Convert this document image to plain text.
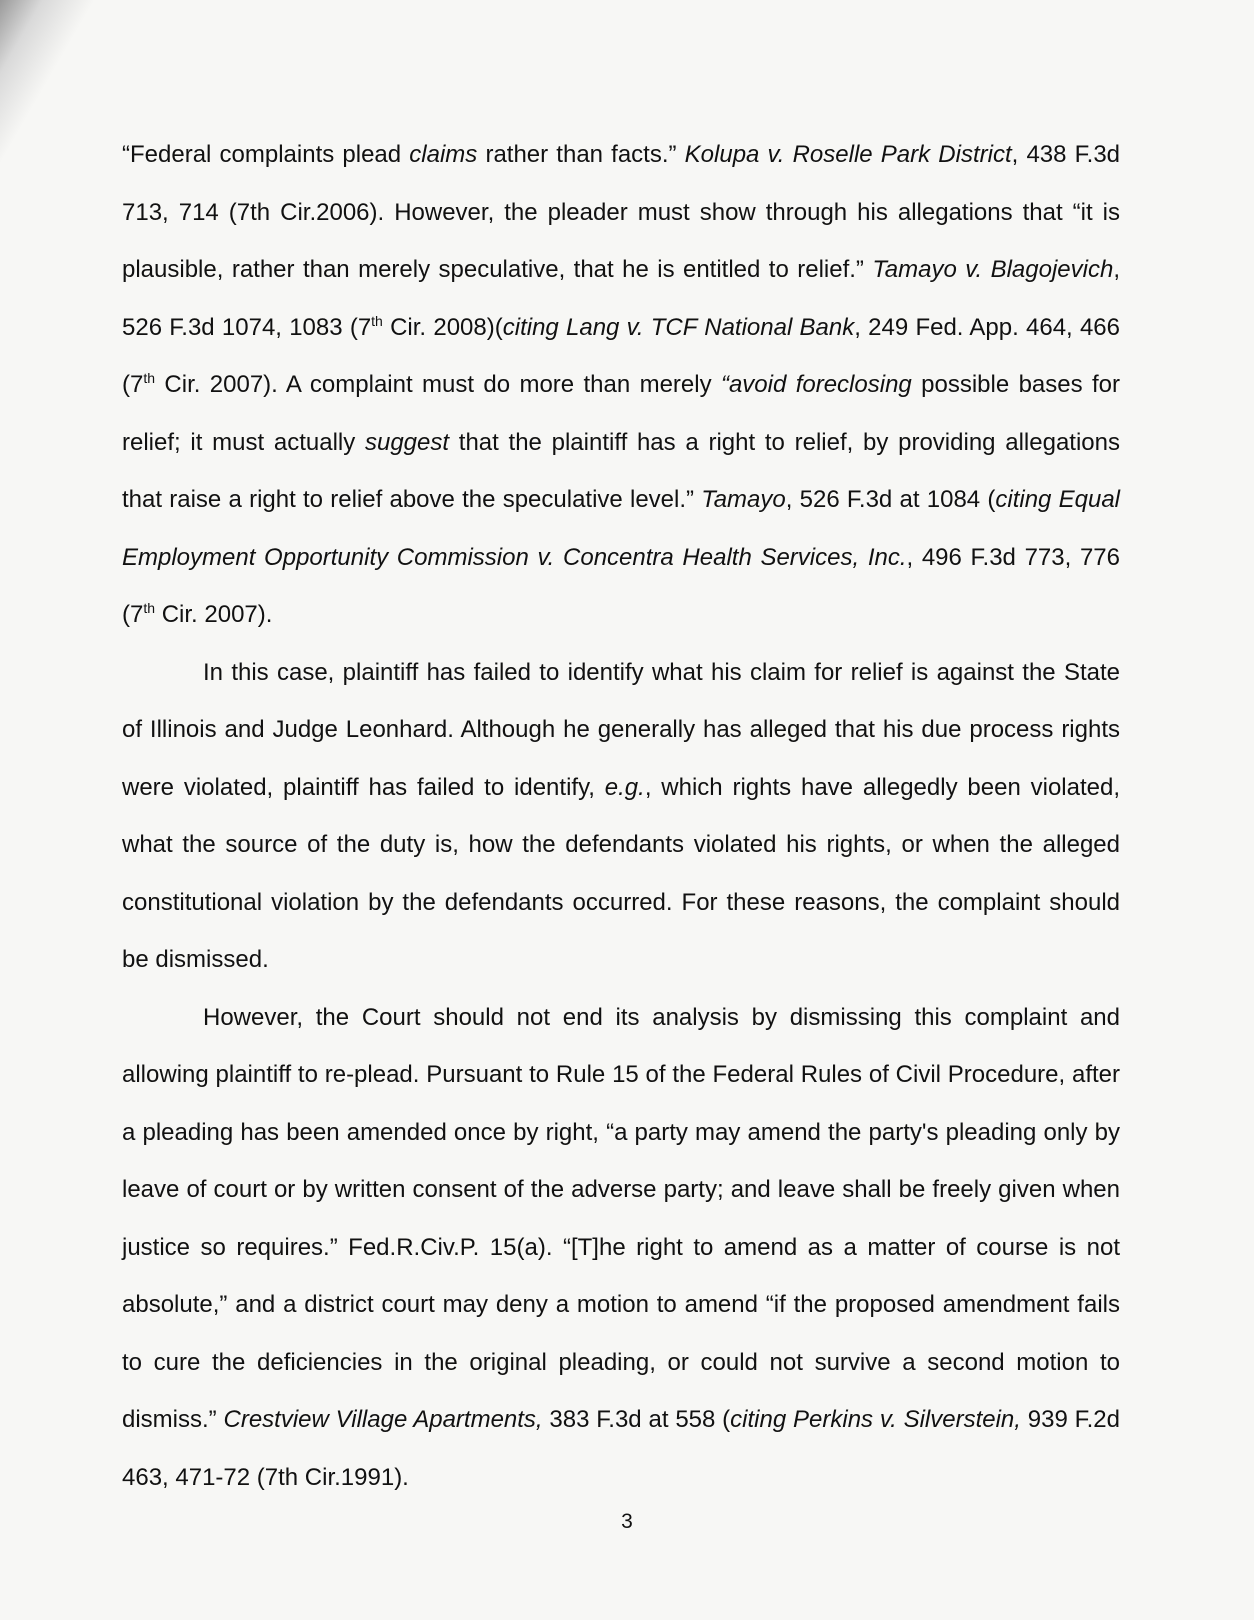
“Federal complaints plead claims rather than facts.” Kolupa v. Roselle Park District, 438 F.3d 713, 714 (7th Cir.2006). However, the pleader must show through his allegations that “it is plausible, rather than merely speculative, that he is entitled to relief.” Tamayo v. Blagojevich, 526 F.3d 1074, 1083 (7th Cir. 2008)(citing Lang v. TCF National Bank, 249 Fed. App. 464, 466 (7th Cir. 2007). A complaint must do more than merely “avoid foreclosing possible bases for relief; it must actually suggest that the plaintiff has a right to relief, by providing allegations that raise a right to relief above the speculative level.” Tamayo, 526 F.3d at 1084 (citing Equal Employment Opportunity Commission v. Concentra Health Services, Inc., 496 F.3d 773, 776 (7th Cir. 2007).

In this case, plaintiff has failed to identify what his claim for relief is against the State of Illinois and Judge Leonhard. Although he generally has alleged that his due process rights were violated, plaintiff has failed to identify, e.g., which rights have allegedly been violated, what the source of the duty is, how the defendants violated his rights, or when the alleged constitutional violation by the defendants occurred. For these reasons, the complaint should be dismissed.

However, the Court should not end its analysis by dismissing this complaint and allowing plaintiff to re-plead. Pursuant to Rule 15 of the Federal Rules of Civil Procedure, after a pleading has been amended once by right, “a party may amend the party's pleading only by leave of court or by written consent of the adverse party; and leave shall be freely given when justice so requires.” Fed.R.Civ.P. 15(a). “[T]he right to amend as a matter of course is not absolute,” and a district court may deny a motion to amend “if the proposed amendment fails to cure the deficiencies in the original pleading, or could not survive a second motion to dismiss.” Crestview Village Apartments, 383 F.3d at 558 (citing Perkins v. Silverstein, 939 F.2d 463, 471-72 (7th Cir.1991).

3
